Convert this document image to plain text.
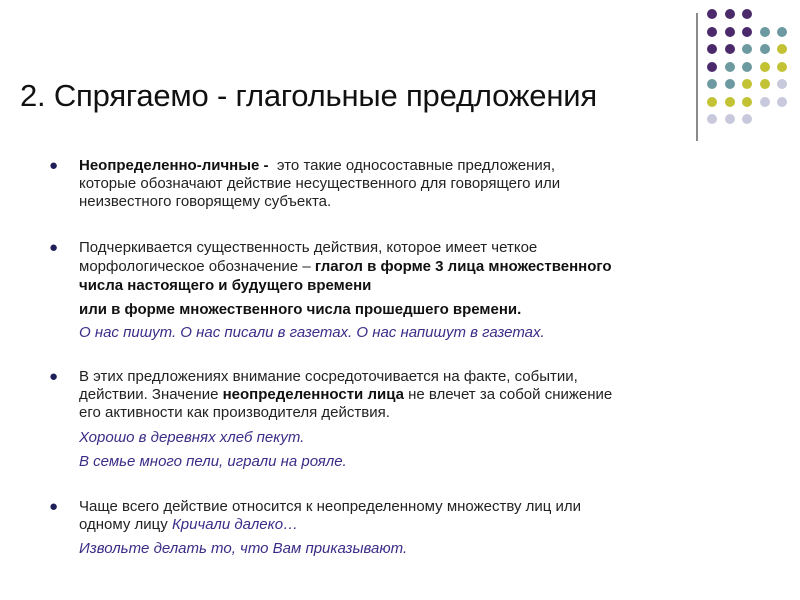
2. Спрягаемо - глагольные предложения
●	Неопределенно-личные - это такие односоставные предложения,
которые обозначают действие несущественного для говорящего или
неизвестного говорящему субъекта.
●	Подчеркивается существенность действия, которое имеет четкое
морфологическое обозначение – глагол в форме 3 лица множественного
числа настоящего и будущего времени
или в форме множественного числа прошедшего времени.
О нас пишут. О нас писали в газетах. О нас напишут в газетах.
●	В этих предложениях внимание сосредоточивается на факте, событии,
действии. Значение неопределенности лица не влечет за собой снижение
его активности как производителя действия.
Хорошо в деревнях хлеб пекут.
В семье много пели, играли на рояле.
●	Чаще всего действие относится к неопределенному множеству лиц или
одному лицу Кричали далеко…
Извольте делать то, что Вам приказывают.
